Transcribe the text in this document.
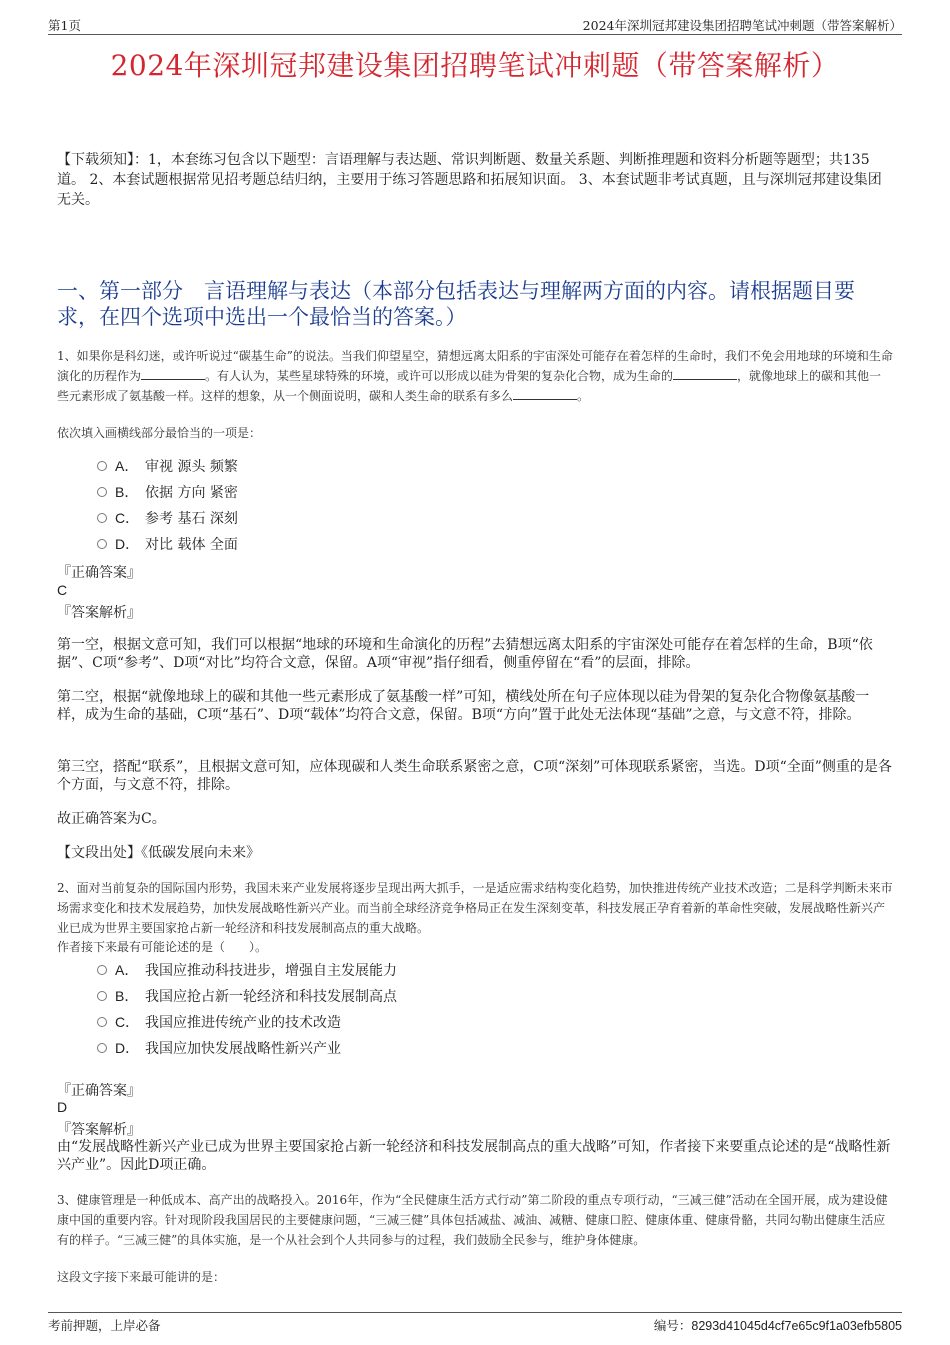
第1页	2024年深圳冠邦建设集团招聘笔试冲刺题（带答案解析）
2024年深圳冠邦建设集团招聘笔试冲刺题（带答案解析）
【下载须知】：1，本套练习包含以下题型：言语理解与表达题、常识判断题、数量关系题、判断推理题和资料分析题等题型；共135道。 2、本套试题根据常见招考题总结归纳，主要用于练习答题思路和拓展知识面。 3、本套试题非考试真题，且与深圳冠邦建设集团无关。
一、第一部分　言语理解与表达（本部分包括表达与理解两方面的内容。请根据题目要求，在四个选项中选出一个最恰当的答案。）
1、如果你是科幻迷，或许听说过“碳基生命”的说法。当我们仰望星空，猜想远离太阳系的宇宙深处可能存在着怎样的生命时，我们不免会用地球的环境和生命演化的历程作为	。有人认为，某些星球特殊的环境，或许可以形成以硅为骨架的复杂化合物，成为生命的	，就像地球上的碳和其他一些元素形成了氨基酸一样。这样的想象，从一个侧面说明，碳和人类生命的联系有多么	。
依次填入画横线部分最恰当的一项是：
A． 审视 源头 频繁
B． 依据 方向 紧密
C． 参考 基石 深刻
D． 对比 载体 全面
『正确答案』
C
『答案解析』
第一空，根据文意可知，我们可以根据“地球的环境和生命演化的历程”去猜想远离太阳系的宇宙深处可能存在着怎样的生命，B项“依据”、C项“参考”、D项“对比”均符合文意，保留。A项“审视”指仔细看，侧重停留在“看”的层面，排除。
第二空，根据“就像地球上的碳和其他一些元素形成了氨基酸一样”可知，横线处所在句子应体现以硅为骨架的复杂化合物像氨基酸一样，成为生命的基础，C项“基石”、D项“载体”均符合文意，保留。B项“方向”置于此处无法体现“基础”之意，与文意不符，排除。
第三空，搭配“联系”，且根据文意可知，应体现碳和人类生命联系紧密之意，C项“深刻”可体现联系紧密，当选。D项“全面”侧重的是各个方面，与文意不符，排除。
故正确答案为C。
【文段出处】《低碳发展向未来》
2、面对当前复杂的国际国内形势，我国未来产业发展将逐步呈现出两大抓手，一是适应需求结构变化趋势，加快推进传统产业技术改造；二是科学判断未来市场需求变化和技术发展趋势，加快发展战略性新兴产业。而当前全球经济竞争格局正在发生深刻变革，科技发展正孕育着新的革命性突破，发展战略性新兴产业已成为世界主要国家抢占新一轮经济和科技发展制高点的重大战略。
作者接下来最有可能论述的是（　　）。
A． 我国应推动科技进步，增强自主发展能力
B． 我国应抢占新一轮经济和科技发展制高点
C． 我国应推进传统产业的技术改造
D． 我国应加快发展战略性新兴产业
『正确答案』
D
『答案解析』
由“发展战略性新兴产业已成为世界主要国家抢占新一轮经济和科技发展制高点的重大战略”可知，作者接下来要重点论述的是“战略性新兴产业”。因此D项正确。
3、健康管理是一种低成本、高产出的战略投入。2016年，作为“全民健康生活方式行动”第二阶段的重点专项行动，“三减三健”活动在全国开展，成为建设健康中国的重要内容。针对现阶段我国居民的主要健康问题，“三减三健”具体包括减盐、减油、减糖、健康口腔、健康体重、健康骨骼，共同勾勒出健康生活应有的样子。“三减三健”的具体实施，是一个从社会到个人共同参与的过程，我们鼓励全民参与，维护身体健康。
这段文字接下来最可能讲的是：
考前押题，上岸必备	编号：8293d41045d4cf7e65c9f1a03efb5805
